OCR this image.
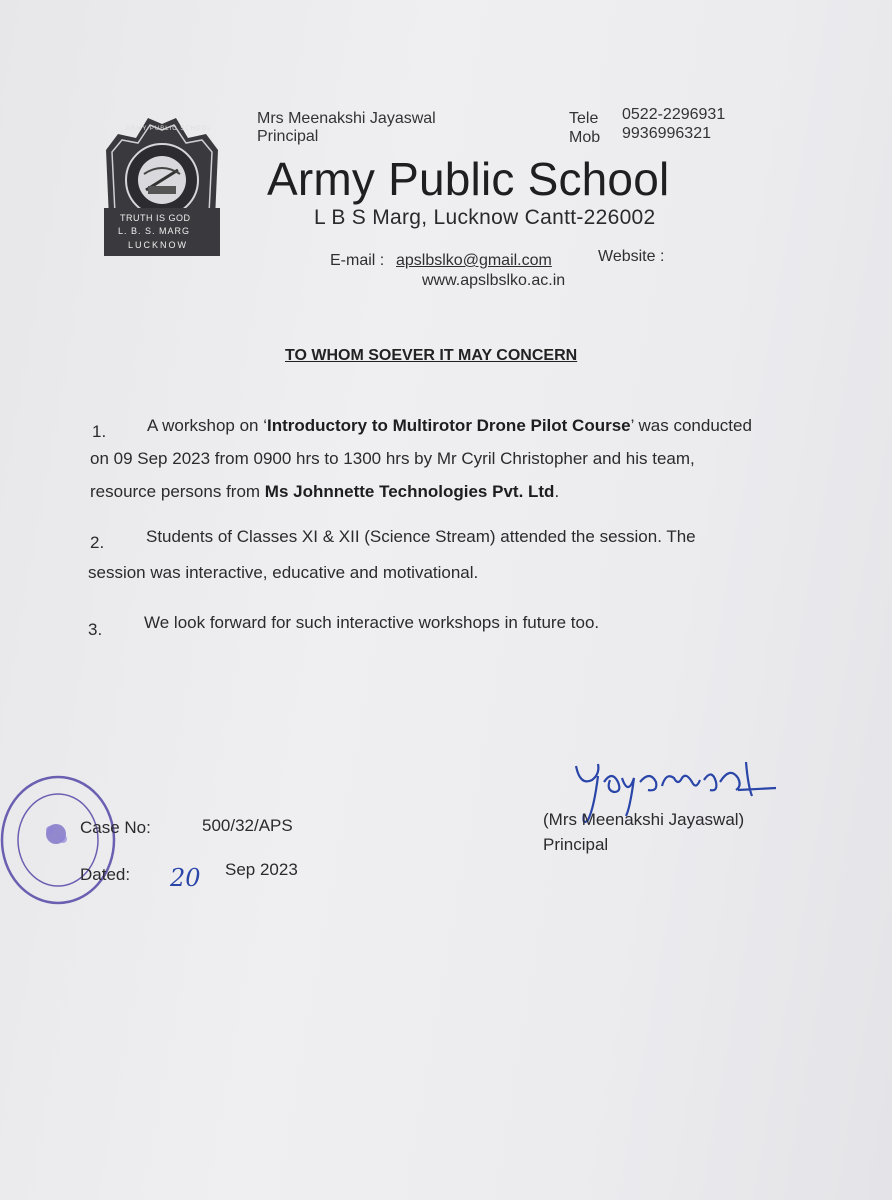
ARMY PUBLIC SCHOOL
TRUTH IS GOD
L. B. S. MARG
LUCKNOW
Mrs Meenakshi Jayaswal
Principal
Tele 0522-2296931
Mob 9936996321
Army Public School
L B S Marg, Lucknow Cantt-226002
E-mail : apslbslko@gmail.com	Website :
www.apslbslko.ac.in
TO WHOM SOEVER IT MAY CONCERN
1. A workshop on ‘Introductory to Multirotor Drone Pilot Course’ was conducted
on 09 Sep 2023 from 0900 hrs to 1300 hrs by Mr Cyril Christopher and his team,
resource persons from Ms Johnnette Technologies Pvt. Ltd.
2. Students of Classes XI & XII (Science Stream) attended the session. The
session was interactive, educative and motivational.
3. We look forward for such interactive workshops in future too.
Case No:	500/32/APS
Dated: 20 Sep 2023
(Mrs Meenakshi Jayaswal)
Principal
